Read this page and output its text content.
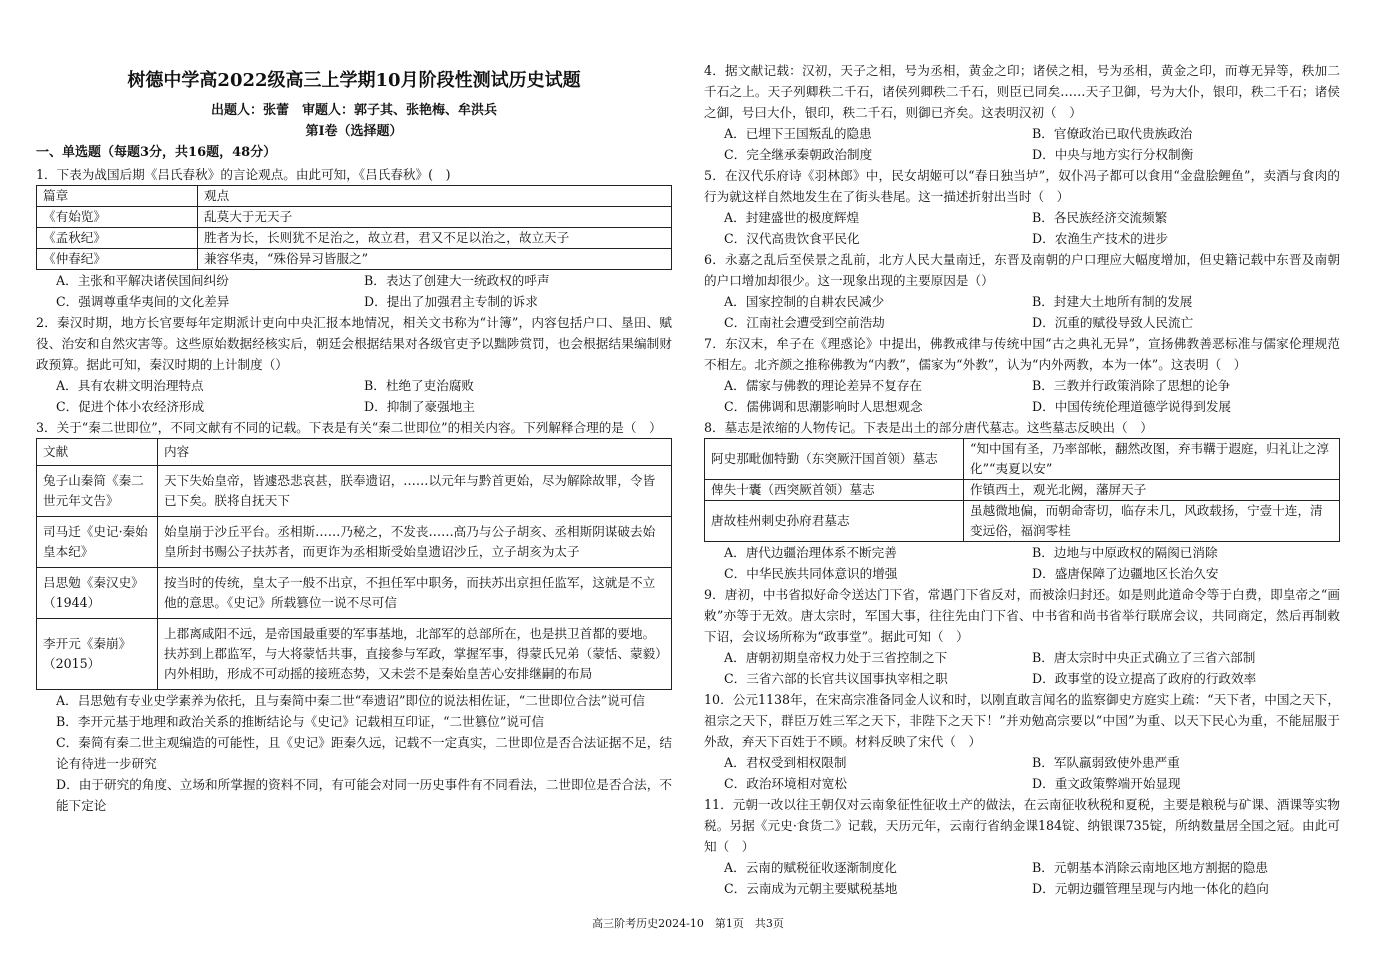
树德中学高2022级高三上学期10月阶段性测试历史试题
出题人：张蕾　审题人：郭子其、张艳梅、牟洪兵
第Ⅰ卷（选择题）
一、单选题（每题3分，共16题，48分）

1．下表为战国后期《吕氏春秋》的言论观点。由此可知，《吕氏春秋》(　)

篇章	观点
《有始览》	乱莫大于无天子
《孟秋纪》	胜者为长，长则犹不足治之，故立君，君又不足以治之，故立天子
《仲春纪》	兼容华夷，“殊俗异习皆服之”
A．主张和平解决诸侯国间纠纷	B．表达了创建大一统政权的呼声
C．强调尊重华夷间的文化差异	D．提出了加强君主专制的诉求

2．秦汉时期，地方长官要每年定期派计吏向中央汇报本地情况，相关文书称为“计簿”，内容包括户口、垦田、赋役、治安和自然灾害等。这些原始数据经核实后，朝廷会根据结果对各级官吏予以黜陟赏罚，也会根据结果编制财政预算。据此可知，秦汉时期的上计制度（）

A．具有农耕文明治理特点	B．杜绝了吏治腐败
C．促进个体小农经济形成	D．抑制了豪强地主

3．关于“秦二世即位”，不同文献有不同的记载。下表是有关“秦二世即位”的相关内容。下列解释合理的是（　）

文献	内容
兔子山秦简《秦二世元年文告》	天下失始皇帝，皆遽恐悲哀甚，朕奉遗诏，……以元年与黔首更始，尽为解除故罪，令皆已下矣。朕将自抚天下
司马迁《史记·秦始皇本纪》	始皇崩于沙丘平台。丞相斯……乃秘之，不发丧……高乃与公子胡亥、丞相斯阴谋破去始皇所封书赐公子扶苏者，而更诈为丞相斯受始皇遗诏沙丘，立子胡亥为太子
吕思勉《秦汉史》（1944）	按当时的传统，皇太子一般不出京，不担任军中职务，而扶苏出京担任监军，这就是不立他的意思。《史记》所载篡位一说不尽可信
李开元《秦崩》（2015）	上郡离咸阳不远，是帝国最重要的军事基地，北部军的总部所在，也是拱卫首都的要地。扶苏到上郡监军，与大将蒙恬共事，直接参与军政，掌握军事，得蒙氏兄弟（蒙恬、蒙毅）内外相助，形成不可动摇的接班态势，又未尝不是秦始皇苦心安排继嗣的布局

A．吕思勉有专业史学素养为依托，且与秦简中秦二世“奉遗诏”即位的说法相佐证，“二世即位合法”说可信

B．李开元基于地理和政治关系的推断结论与《史记》记载相互印证，“二世篡位”说可信

C．秦简有秦二世主观编造的可能性，且《史记》距秦久远，记载不一定真实，二世即位是否合法证据不足，结论有待进一步研究

D．由于研究的角度、立场和所掌握的资料不同，有可能会对同一历史事件有不同看法，二世即位是否合法，不能下定论

4．据文献记载：汉初，天子之相，号为丞相，黄金之印；诸侯之相，号为丞相，黄金之印，而尊无异等，秩加二千石之上。天子列卿秩二千石，诸侯列卿秩二千石，则臣已同矣……天子卫御，号为大仆，银印，秩二千石；诸侯之御，号曰大仆，银印，秩二千石，则御已齐矣。这表明汉初（　）

A．已埋下王国叛乱的隐患	B．官僚政治已取代贵族政治
C．完全继承秦朝政治制度	D．中央与地方实行分权制衡

5．在汉代乐府诗《羽林郎》中，民女胡姬可以“春日独当垆”，奴仆冯子都可以食用“金盘脍鲤鱼”，卖酒与食肉的行为就这样自然地发生在了街头巷尾。这一描述折射出当时（　）

A．封建盛世的极度辉煌	B．各民族经济交流频繁
C．汉代高贵饮食平民化	D．农渔生产技术的进步

6．永嘉之乱后至侯景之乱前，北方人民大量南迁，东晋及南朝的户口理应大幅度增加，但史籍记载中东晋及南朝的户口增加却很少。这一现象出现的主要原因是（）

A．国家控制的自耕农民减少	B．封建大土地所有制的发展
C．江南社会遭受到空前浩劫	D．沉重的赋役导致人民流亡

7．东汉末，牟子在《理惑论》中提出，佛教戒律与传统中国“古之典礼无异”，宣扬佛教善恶标准与儒家伦理规范不相左。北齐颜之推称佛教为“内教”，儒家为“外教”，认为“内外两教，本为一体”。这表明（　）

A．儒家与佛教的理论差异不复存在	B．三教并行政策消除了思想的论争
C．儒佛调和思潮影响时人思想观念	D．中国传统伦理道德学说得到发展

8．墓志是浓缩的人物传记。下表是出土的部分唐代墓志。这些墓志反映出（　）

阿史那毗伽特勤（东突厥汗国首领）墓志	“知中国有圣，乃率部帐，翻然改图，弃韦鞲于遐庭，归礼让之淳化”“夷夏以安”
俾失十囊（西突厥首领）墓志	作镇西土，观光北阙，藩屏天子
唐故桂州刺史孙府君墓志	虽越微地偏，而朝命寄切，临存未几，风政载扬，宁壹十连，清变远俗，福润零桂
A．唐代边疆治理体系不断完善	B．边地与中原政权的隔阂已消除
C．中华民族共同体意识的增强	D．盛唐保障了边疆地区长治久安

9．唐初，中书省拟好命令送达门下省，常遇门下省反对，而被涂归封还。如是则此道命令等于白费，即皇帝之“画敕”亦等于无效。唐太宗时，军国大事，往往先由门下省、中书省和尚书省举行联席会议，共同商定，然后再制敕下诏，会议场所称为“政事堂”。据此可知（　）

A．唐朝初期皇帝权力处于三省控制之下	B．唐太宗时中央正式确立了三省六部制
C．三省六部的长官共议国事执宰相之职	D．政事堂的设立提高了政府的行政效率

10．公元1138年，在宋高宗准备同金人议和时，以刚直敢言闻名的监察御史方庭实上疏：“天下者，中国之天下，祖宗之天下，群臣万姓三军之天下，非陛下之天下！”并劝勉高宗要以“中国”为重、以天下民心为重，不能屈服于外敌，弃天下百姓于不顾。材料反映了宋代（　）

A．君权受到相权限制	B．军队羸弱致使外患严重
C．政治环境相对宽松	D．重文政策弊端开始显现

11．元朝一改以往王朝仅对云南象征性征收土产的做法，在云南征收秋税和夏税，主要是粮税与矿课、酒课等实物税。另据《元史·食货二》记载，天历元年，云南行省纳金课184锭、纳银课735锭，所纳数量居全国之冠。由此可知（　）

A．云南的赋税征收逐渐制度化	B．元朝基本消除云南地区地方割据的隐患
C．云南成为元朝主要赋税基地	D．元朝边疆管理呈现与内地一体化的趋向
高三阶考历史2024-10　第1页　共3页
